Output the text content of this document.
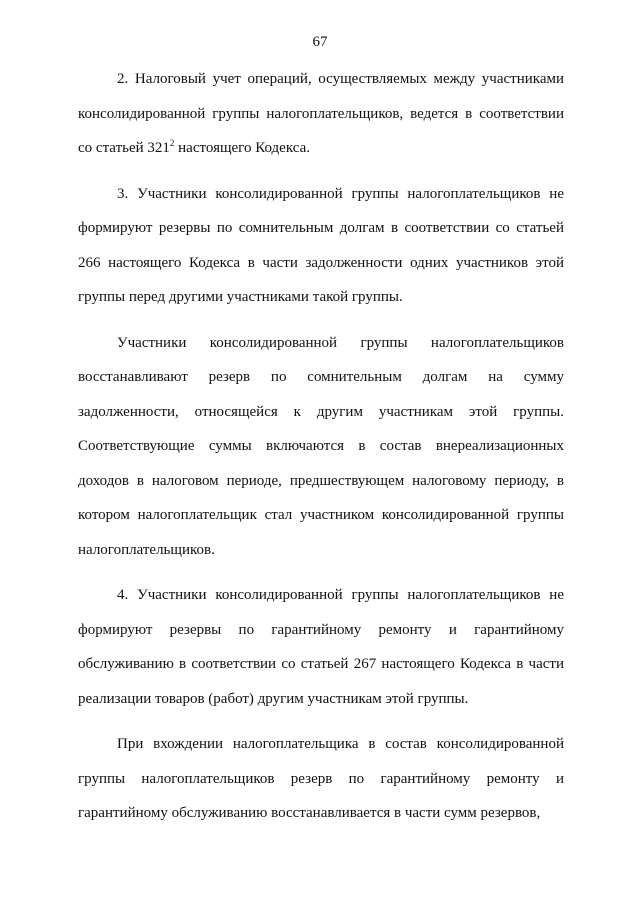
67

2. Налоговый учет операций, осуществляемых между участниками консолидированной группы налогоплательщиков, ведется в соответствии со статьей $321^2$ настоящего Кодекса.

3. Участники консолидированной группы налогоплательщиков не формируют резервы по сомнительным долгам в соответствии со статьей 266 настоящего Кодекса в части задолженности одних участников этой группы перед другими участниками такой группы.

Участники консолидированной группы налогоплательщиков восстанавливают резерв по сомнительным долгам на сумму задолженности, относящейся к другим участникам этой группы. Соответствующие суммы включаются в состав внереализационных доходов в налоговом периоде, предшествующем налоговому периоду, в котором налогоплательщик стал участником консолидированной группы налогоплательщиков.

4. Участники консолидированной группы налогоплательщиков не формируют резервы по гарантийному ремонту и гарантийному обслуживанию в соответствии со статьей 267 настоящего Кодекса в части реализации товаров (работ) другим участникам этой группы.

При вхождении налогоплательщика в состав консолидированной группы налогоплательщиков резерв по гарантийному ремонту и гарантийному обслуживанию восстанавливается в части сумм резервов,
